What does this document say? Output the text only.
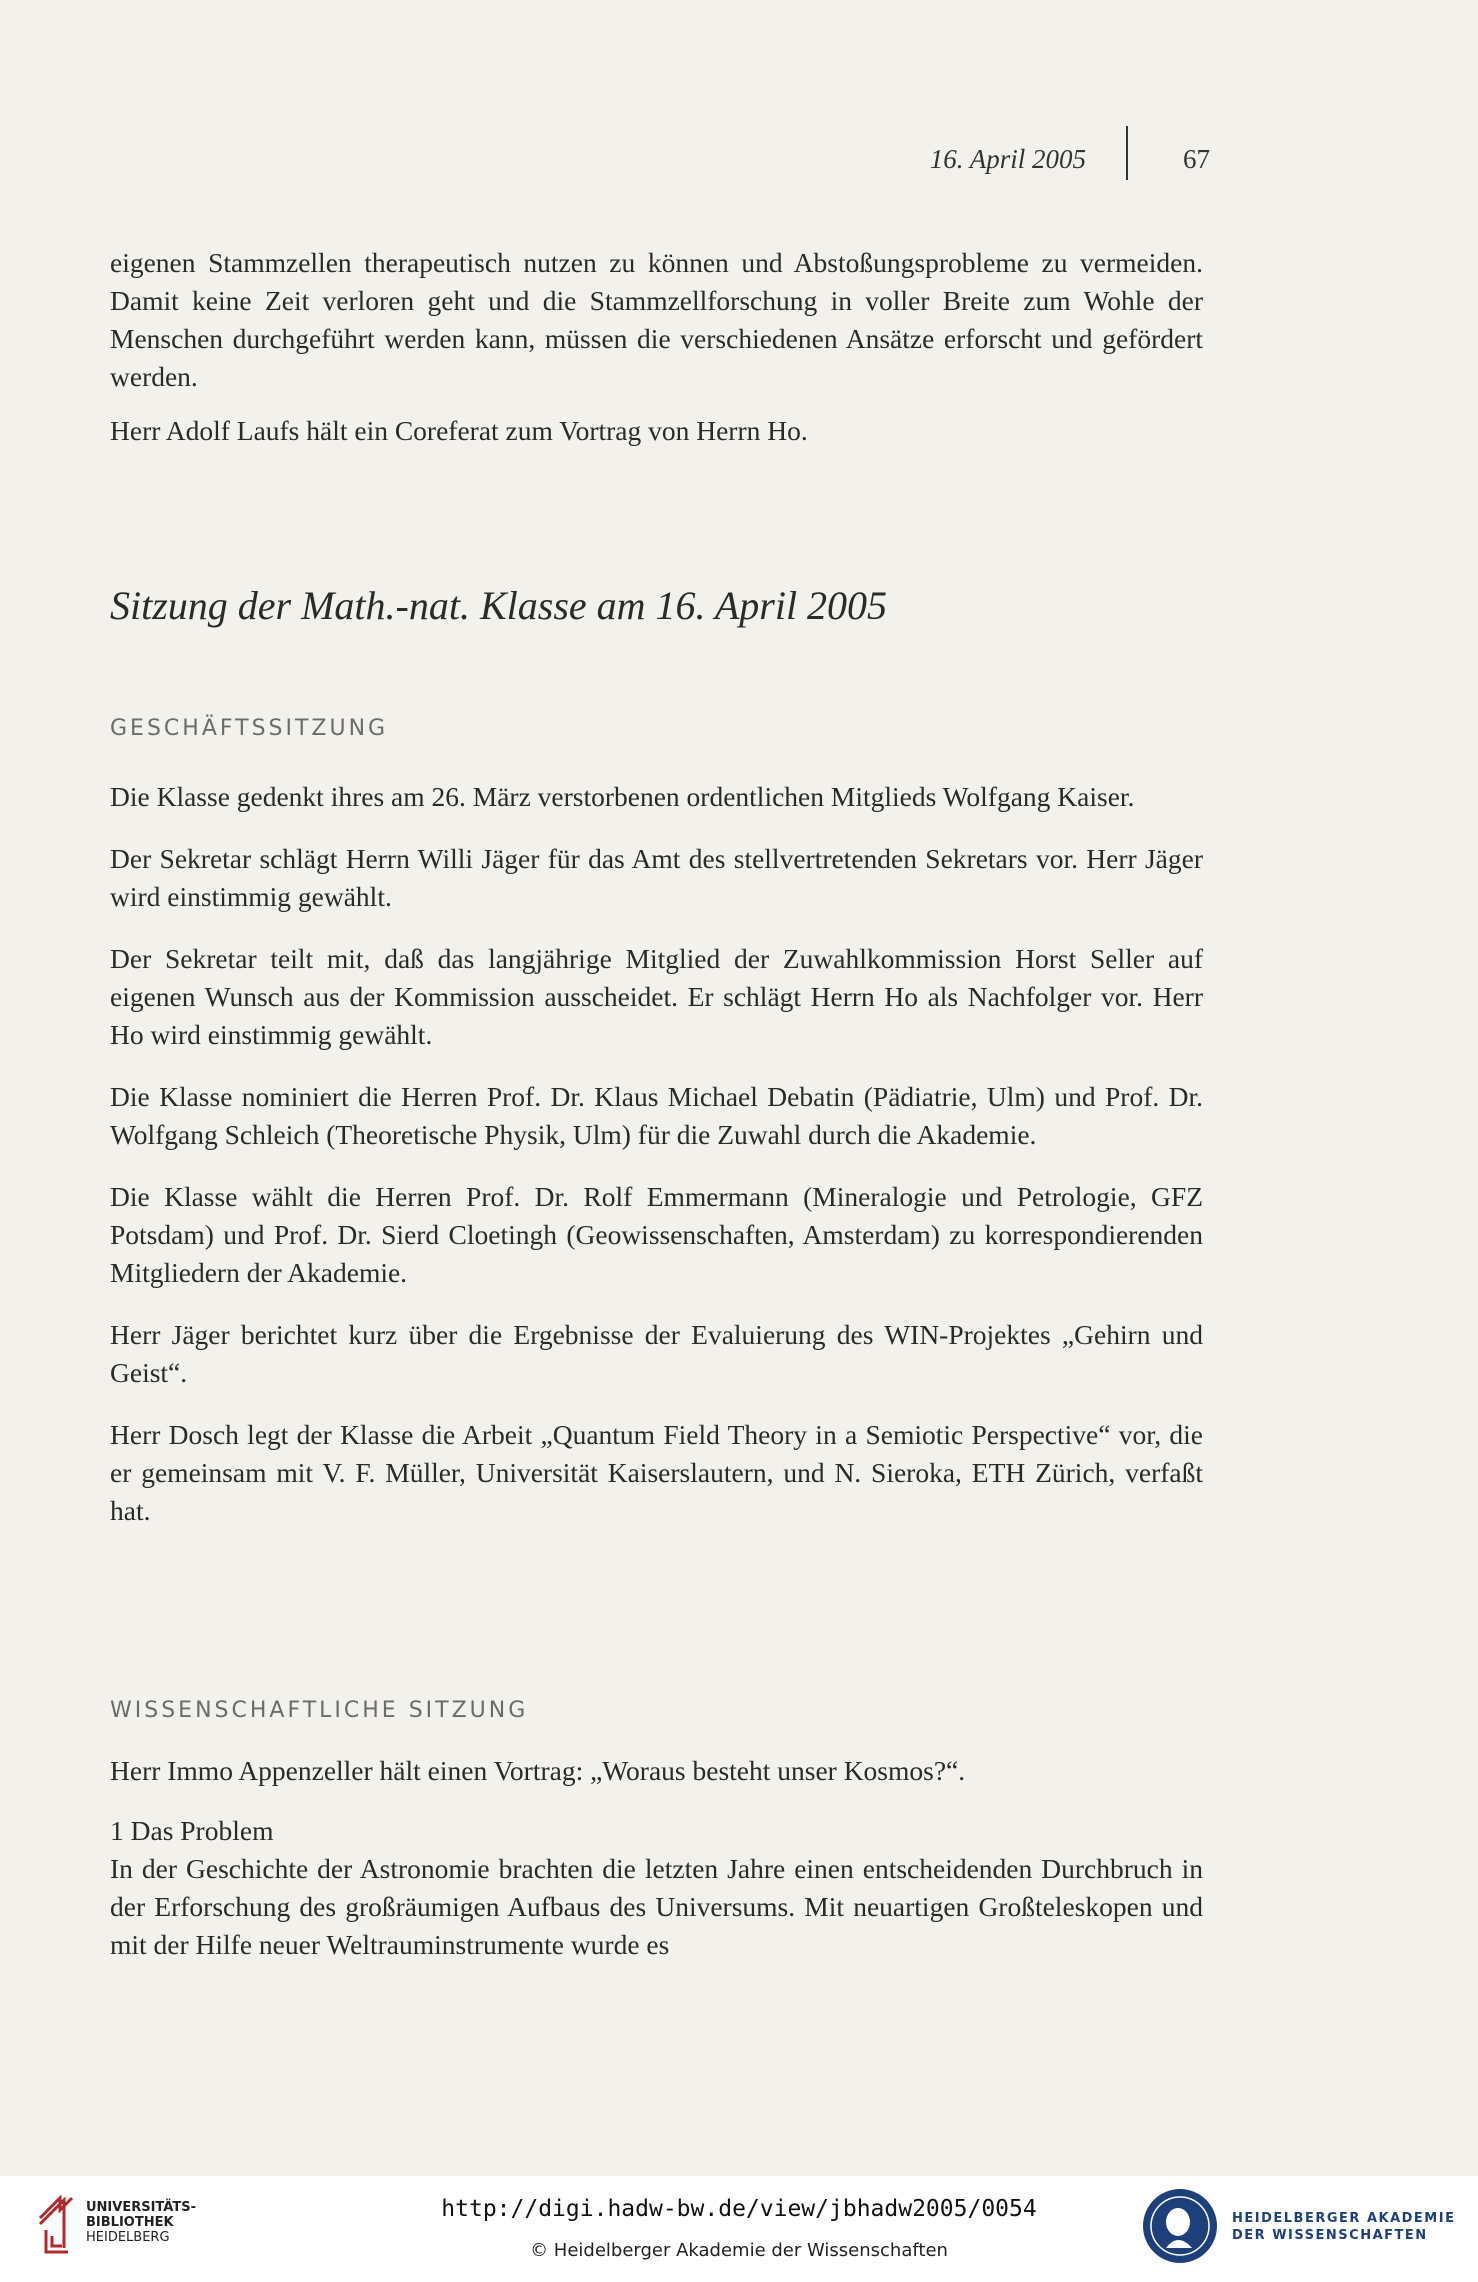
16. April 2005	67

eigenen Stammzellen therapeutisch nutzen zu können und Abstoßungsprobleme zu vermeiden. Damit keine Zeit verloren geht und die Stammzellforschung in voller Breite zum Wohle der Menschen durchgeführt werden kann, müssen die verschiedenen Ansätze erforscht und gefördert werden.

Herr Adolf Laufs hält ein Coreferat zum Vortrag von Herrn Ho.

Sitzung der Math.-nat. Klasse am 16. April 2005
GESCHÄFTSSITZUNG

Die Klasse gedenkt ihres am 26. März verstorbenen ordentlichen Mitglieds Wolfgang Kaiser.

Der Sekretar schlägt Herrn Willi Jäger für das Amt des stellvertretenden Sekretars vor. Herr Jäger wird einstimmig gewählt.

Der Sekretar teilt mit, daß das langjährige Mitglied der Zuwahlkommission Horst Seller auf eigenen Wunsch aus der Kommission ausscheidet. Er schlägt Herrn Ho als Nachfolger vor. Herr Ho wird einstimmig gewählt.

Die Klasse nominiert die Herren Prof. Dr. Klaus Michael Debatin (Pädiatrie, Ulm) und Prof. Dr. Wolfgang Schleich (Theoretische Physik, Ulm) für die Zuwahl durch die Akademie.

Die Klasse wählt die Herren Prof. Dr. Rolf Emmermann (Mineralogie und Petrologie, GFZ Potsdam) und Prof. Dr. Sierd Cloetingh (Geowissenschaften, Amsterdam) zu korrespondierenden Mitgliedern der Akademie.

Herr Jäger berichtet kurz über die Ergebnisse der Evaluierung des WIN-Projektes „Gehirn und Geist“.

Herr Dosch legt der Klasse die Arbeit „Quantum Field Theory in a Semiotic Perspective“ vor, die er gemeinsam mit V. F. Müller, Universität Kaiserslautern, und N. Sieroka, ETH Zürich, verfaßt hat.

WISSENSCHAFTLICHE SITZUNG

Herr Immo Appenzeller hält einen Vortrag: „Woraus besteht unser Kosmos?“.

1 Das Problem

In der Geschichte der Astronomie brachten die letzten Jahre einen entscheidenden Durchbruch in der Erforschung des großräumigen Aufbaus des Universums. Mit neuartigen Großteleskopen und mit der Hilfe neuer Weltrauminstrumente wurde es

UNIVERSITÄTS-
BIBLIOTHEK
HEIDELBERG
http://digi.hadw-bw.de/view/jbhadw2005/0054
© Heidelberger Akademie der Wissenschaften
HEIDELBERGER AKADEMIE
DER WISSENSCHAFTEN
